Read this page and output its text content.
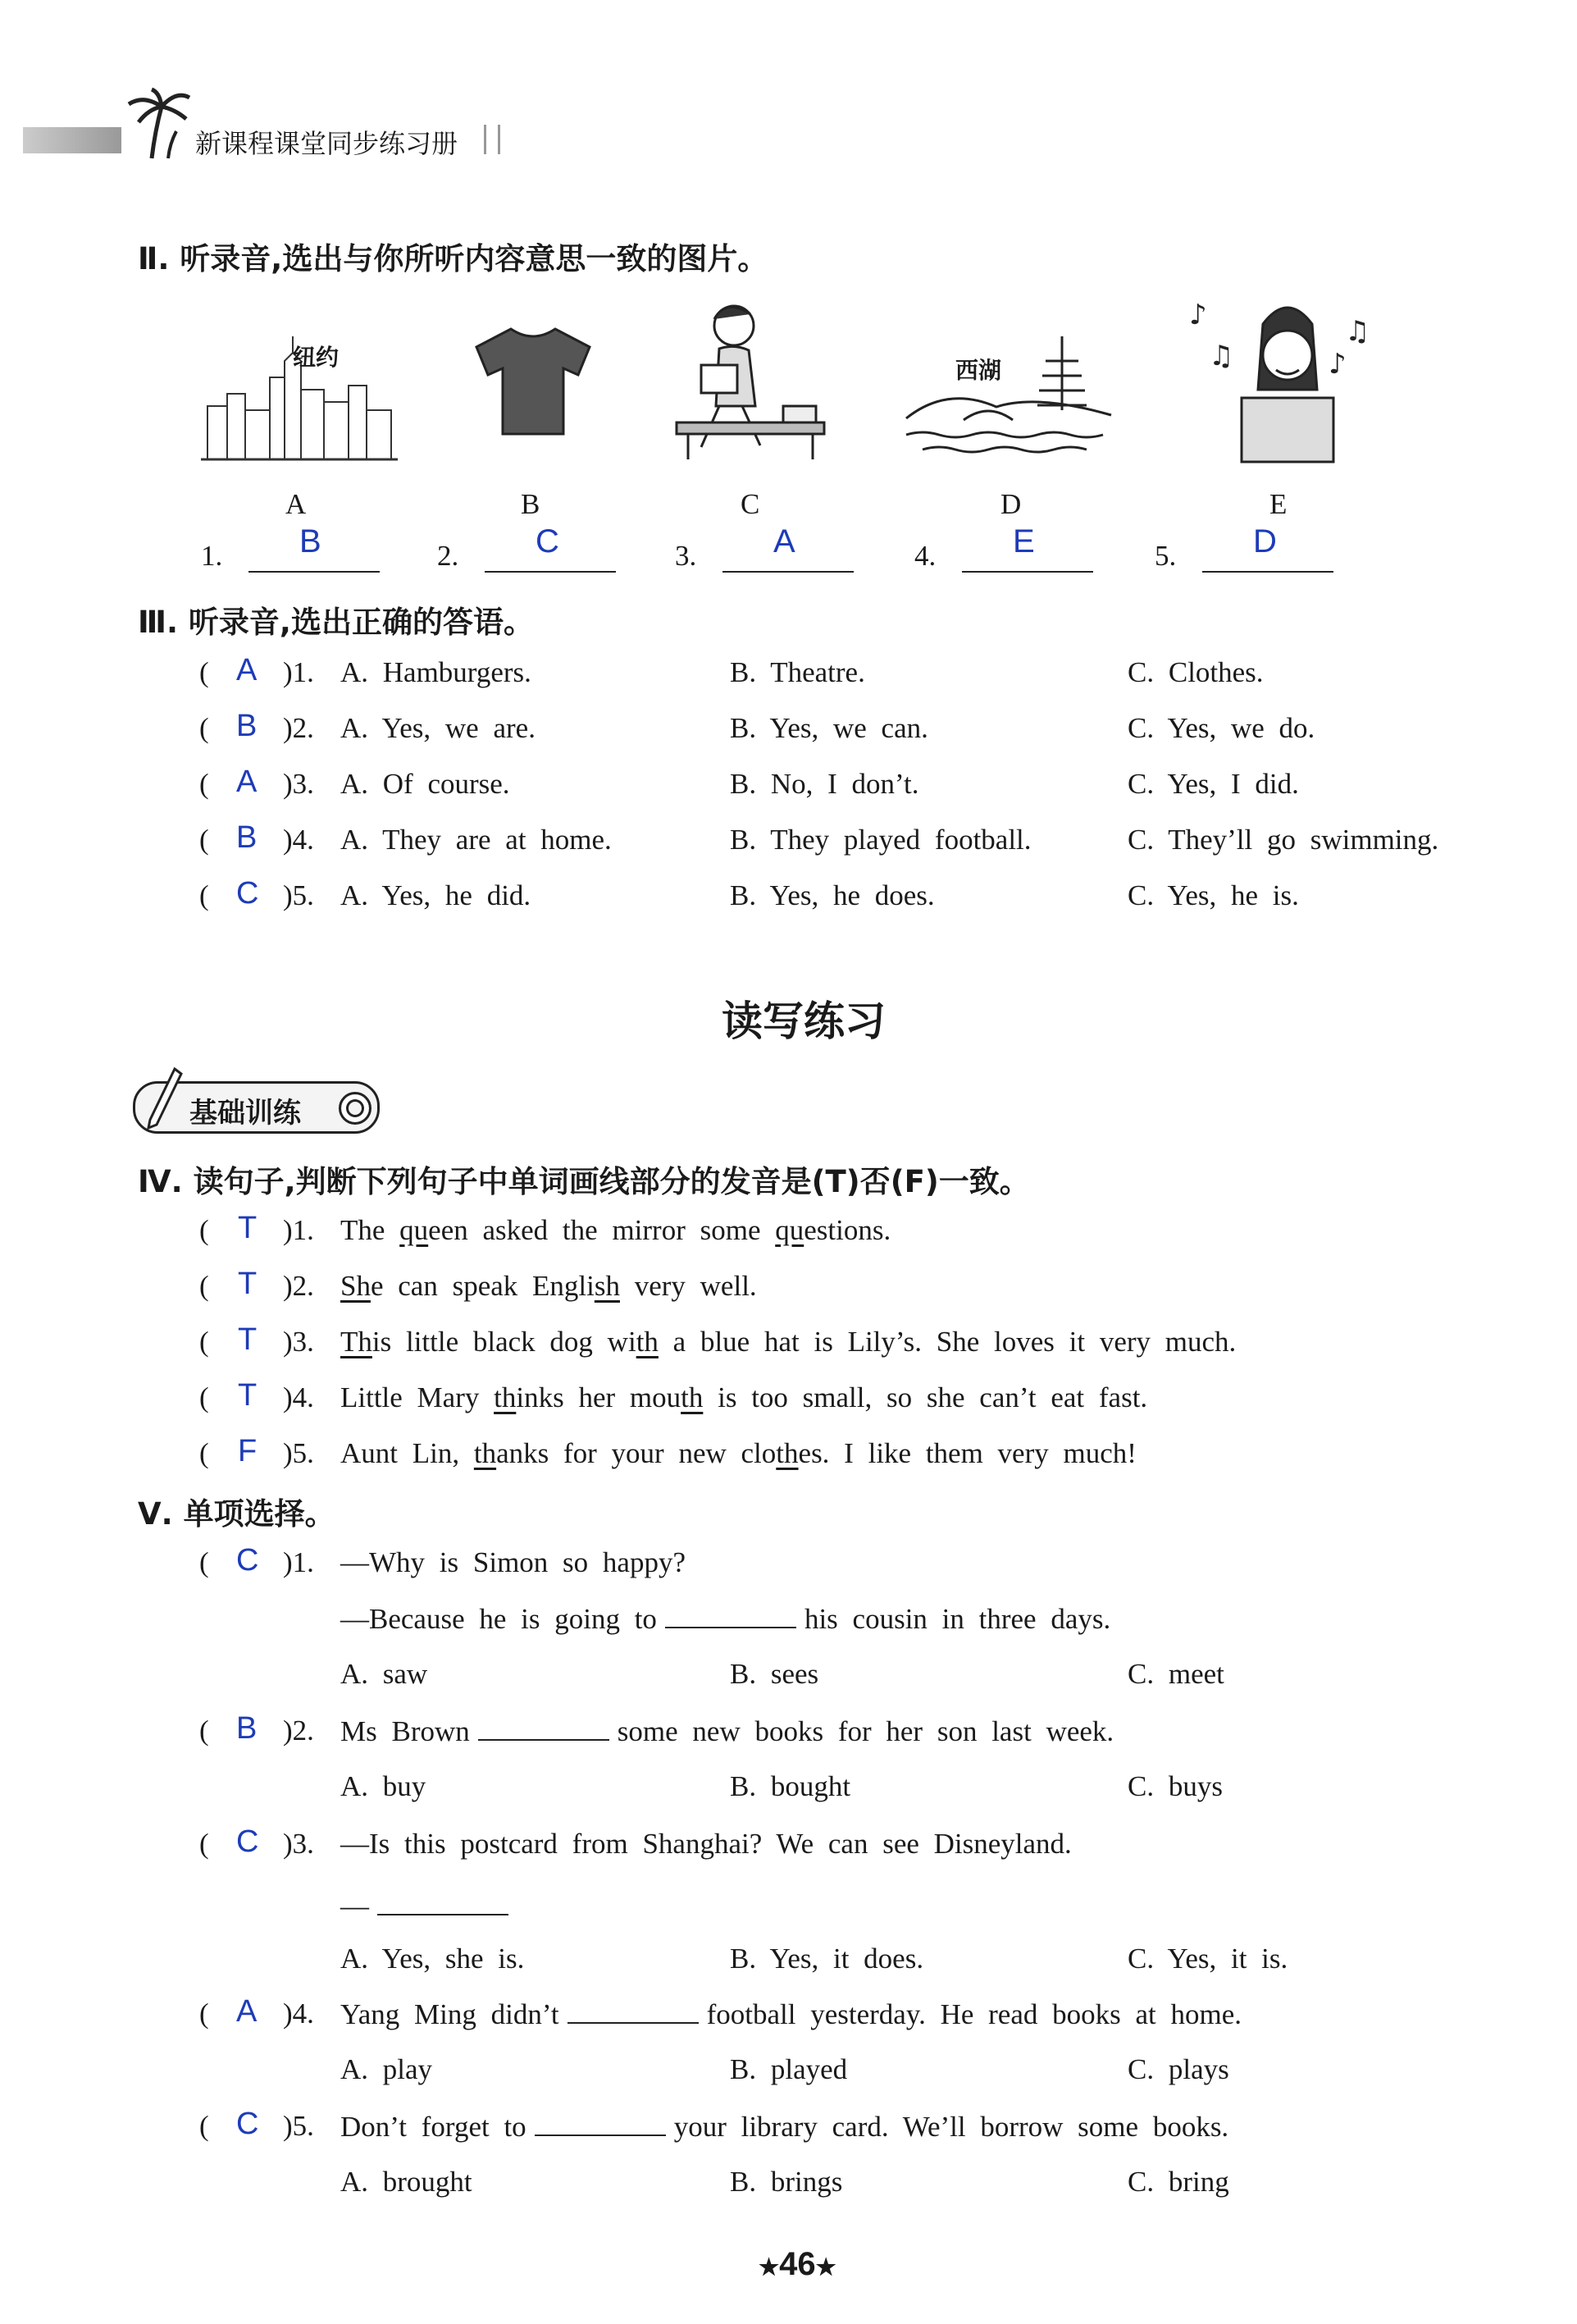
新课程课堂同步练习册
Ⅱ. 听录音,选出与你所听内容意思一致的图片。
纽约	西湖
♪
♫
♫
♪
A	B	C	D	E
1. B	2. C	3. A	4. E	5. D
Ⅲ. 听录音,选出正确的答语。
( A )1. A. Hamburgers.	B. Theatre.	C. Clothes.
( B )2. A. Yes, we are.	B. Yes, we can.	C. Yes, we do.
( A )3. A. Of course.	B. No, I don’t.	C. Yes, I did.
( B )4. A. They are at home.	B. They played football.	C. They’ll go swimming.
( C )5. A. Yes, he did.	B. Yes, he does.	C. Yes, he is.
读写练习
基础训练
Ⅳ. 读句子,判断下列句子中单词画线部分的发音是(T)否(F)一致。
( T )1. The queen asked the mirror some questions.
( T )2. She can speak English very well.
( T )3. This little black dog with a blue hat is Lily’s. She loves it very much.
( T )4. Little Mary thinks her mouth is too small, so she can’t eat fast.
( F )5. Aunt Lin, thanks for your new clothes. I like them very much!
Ⅴ. 单项选择。
( C )1. —Why is Simon so happy?
—Because he is going to	his cousin in three days.
A. saw	B. sees	C. meet
( B )2. Ms Brown	some new books for her son last week.
A. buy	B. bought	C. buys
( C )3. —Is this postcard from Shanghai? We can see Disneyland.
—
A. Yes, she is.	B. Yes, it does.	C. Yes, it is.
( A )4. Yang Ming didn’t	football yesterday. He read books at home.
A. play	B. played	C. plays
( C )5. Don’t forget to	your library card. We’ll borrow some books.
A. brought	B. brings	C. bring
★46★
